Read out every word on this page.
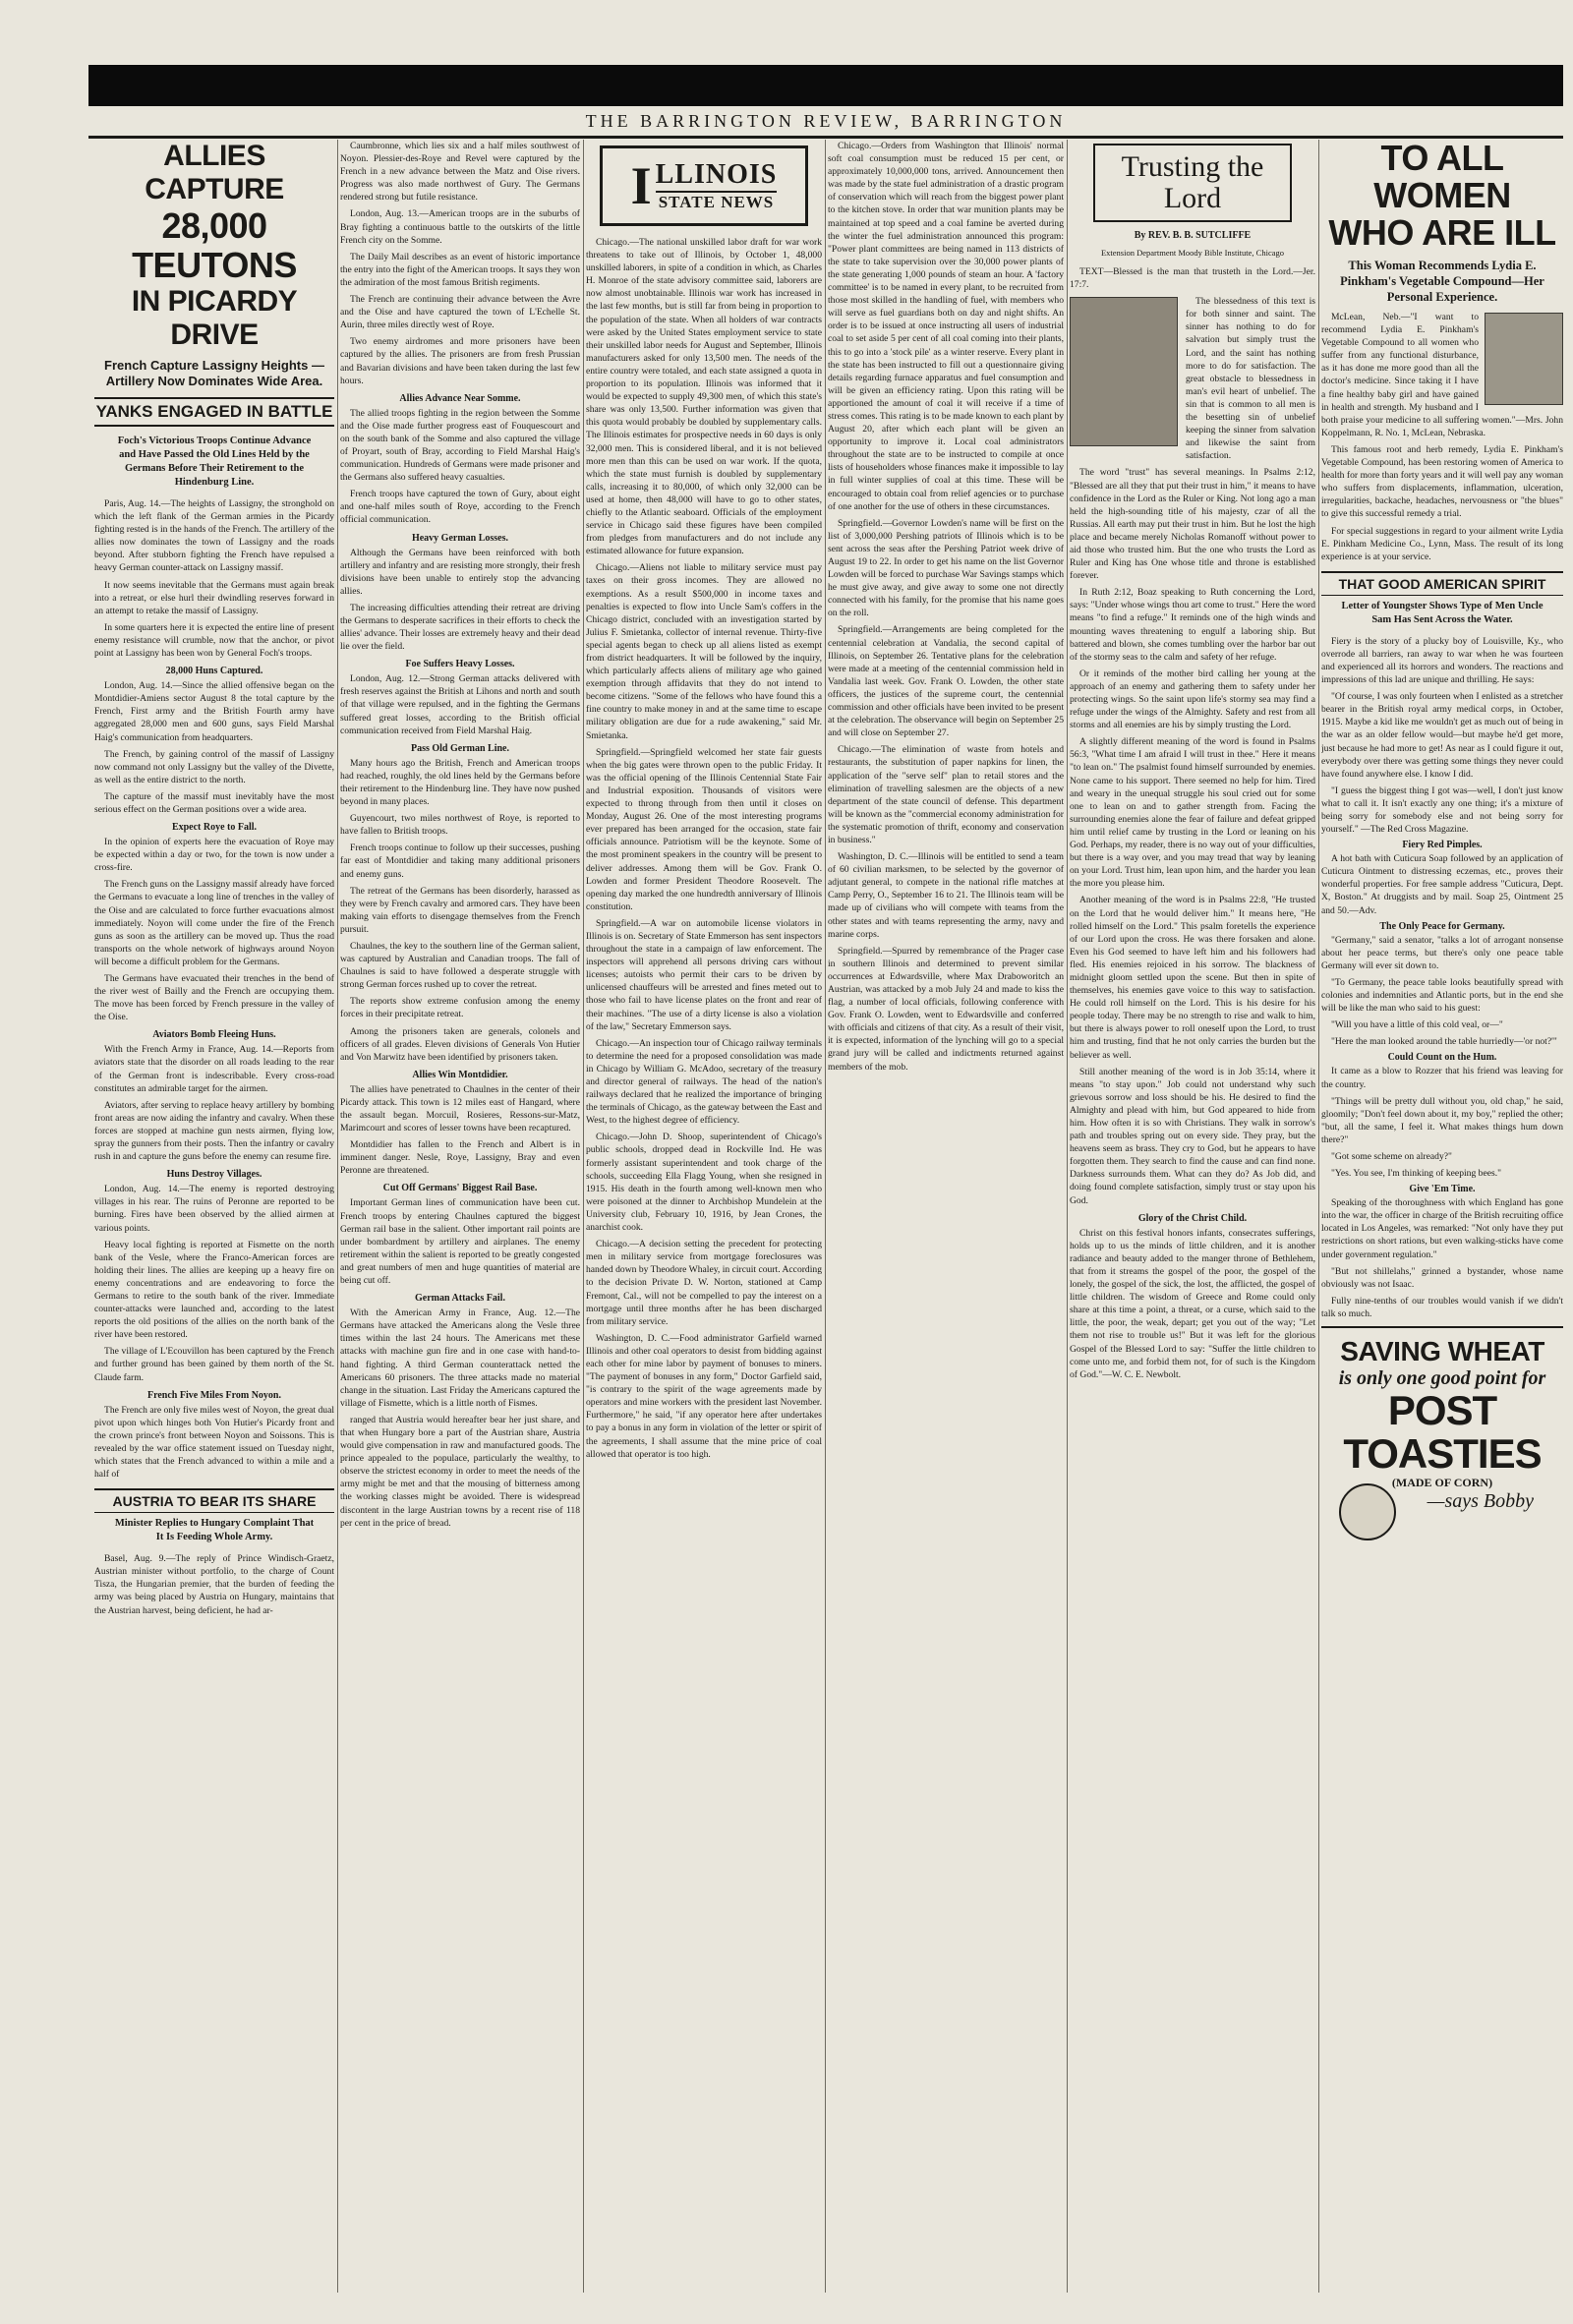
THE BARRINGTON REVIEW, BARRINGTON
ALLIES CAPTURE
28,000 TEUTONS
IN PICARDY DRIVE
French Capture Lassigny Heights —Artillery Now Dominates Wide Area.
YANKS ENGAGED IN BATTLE
Foch's Victorious Troops Continue Advance and Have Passed the Old Lines Held by the Germans Before Their Retirement to the Hindenburg Line.

Paris, Aug. 14.—The heights of Lassigny, the stronghold on which the left flank of the German armies in the Picardy fighting rested is in the hands of the French. The artillery of the allies now dominates the town of Lassigny and the roads beyond. After stubborn fighting the French have repulsed a heavy German counter-attack on Lassigny massif.

It now seems inevitable that the Germans must again break into a retreat, or else hurl their dwindling reserves forward in an attempt to retake the massif of Lassigny.

In some quarters here it is expected the entire line of present enemy resistance will crumble, now that the anchor, or pivot point at Lassigny has been won by General Foch's troops.

28,000 Huns Captured.

London, Aug. 14.—Since the allied offensive began on the Montdidier-Amiens sector August 8 the total capture by the French, First army and the British Fourth army have aggregated 28,000 men and 600 guns, says Field Marshal Haig's communication from headquarters.

The French, by gaining control of the massif of Lassigny now command not only Lassigny but the valley of the Divette, as well as the entire district to the north.

The capture of the massif must inevitably have the most serious effect on the German positions over a wide area.

Expect Roye to Fall.

In the opinion of experts here the evacuation of Roye may be expected within a day or two, for the town is now under a cross-fire.

The French guns on the Lassigny massif already have forced the Germans to evacuate a long line of trenches in the valley of the Oise and are calculated to force further evacuations almost immediately. Noyon will come under the fire of the French guns as soon as the artillery can be moved up. Thus the road transports on the whole network of highways around Noyon will become a difficult problem for the Germans.

The Germans have evacuated their trenches in the bend of the river west of Bailly and the French are occupying them. The move has been forced by French pressure in the valley of the Oise.

Aviators Bomb Fleeing Huns.

With the French Army in France, Aug. 14.—Reports from aviators state that the disorder on all roads leading to the rear of the German front is indescribable. Every cross-road constitutes an admirable target for the airmen.

Aviators, after serving to replace heavy artillery by bombing front areas are now aiding the infantry and cavalry. When these forces are stopped at machine gun nests airmen, flying low, spray the gunners from their posts. Then the infantry or cavalry rush in and capture the guns before the enemy can resume fire.

Huns Destroy Villages.

London, Aug. 14.—The enemy is reported destroying villages in his rear. The ruins of Peronne are reported to be burning. Fires have been observed by the allied airmen at various points.

Heavy local fighting is reported at Fismette on the north bank of the Vesle, where the Franco-American forces are holding their lines. The allies are keeping up a heavy fire on enemy concentrations and are endeavoring to force the Germans to retire to the south bank of the river. Immediate counter-attacks were launched and, according to the latest reports the old positions of the allies on the north bank of the river have been restored.

The village of L'Ecouvillon has been captured by the French and further ground has been gained by them north of the St. Claude farm.

French Five Miles From Noyon.

The French are only five miles west of Noyon, the great dual pivot upon which hinges both Von Hutier's Picardy front and the crown prince's front between Noyon and Soissons. This is revealed by the war office statement issued on Tuesday night, which states that the French advanced to within a mile and a half of

AUSTRIA TO BEAR ITS SHARE
Minister Replies to Hungary Complaint That It Is Feeding Whole Army.

Basel, Aug. 9.—The reply of Prince Windisch-Graetz, Austrian minister without portfolio, to the charge of Count Tisza, the Hungarian premier, that the burden of feeding the army was being placed by Austria on Hungary, maintains that the Austrian harvest, being deficient, he had ar-

Caumbronne, which lies six and a half miles southwest of Noyon. Plessier-des-Roye and Revel were captured by the French in a new advance between the Matz and Oise rivers. Progress was also made northwest of Gury. The Germans rendered strong but futile resistance.

London, Aug. 13.—American troops are in the suburbs of Bray fighting a continuous battle to the outskirts of the little French city on the Somme.

The Daily Mail describes as an event of historic importance the entry into the fight of the American troops. It says they won the admiration of the most famous British regiments.

The French are continuing their advance between the Avre and the Oise and have captured the town of L'Echelle St. Aurin, three miles directly west of Roye.

Two enemy airdromes and more prisoners have been captured by the allies. The prisoners are from fresh Prussian and Bavarian divisions and have been taken during the last few hours.

Allies Advance Near Somme.

The allied troops fighting in the region between the Somme and the Oise made further progress east of Fouquescourt and on the south bank of the Somme and also captured the village of Proyart, south of Bray, according to Field Marshal Haig's communication. Hundreds of Germans were made prisoner and the Germans also suffered heavy casualties.

French troops have captured the town of Gury, about eight and one-half miles south of Roye, according to the French official communication.

Heavy German Losses.

Although the Germans have been reinforced with both artillery and infantry and are resisting more strongly, their fresh divisions have been unable to entirely stop the advancing allies.

The increasing difficulties attending their retreat are driving the Germans to desperate sacrifices in their efforts to check the allies' advance. Their losses are extremely heavy and their dead lie over the field.

Foe Suffers Heavy Losses.

London, Aug. 12.—Strong German attacks delivered with fresh reserves against the British at Lihons and north and south of that village were repulsed, and in the fighting the Germans suffered great losses, according to the British official communication received from Field Marshal Haig.

Pass Old German Line.

Many hours ago the British, French and American troops had reached, roughly, the old lines held by the Germans before their retirement to the Hindenburg line. They have now pushed beyond in many places.

Guyencourt, two miles northwest of Roye, is reported to have fallen to British troops.

French troops continue to follow up their successes, pushing far east of Montdidier and taking many additional prisoners and enemy guns.

The retreat of the Germans has been disorderly, harassed as they were by French cavalry and armored cars. They have been making vain efforts to disengage themselves from the French pursuit.

Chaulnes, the key to the southern line of the German salient, was captured by Australian and Canadian troops. The fall of Chaulnes is said to have followed a desperate struggle with strong German forces rushed up to cover the retreat.

The reports show extreme confusion among the enemy forces in their precipitate retreat.

Among the prisoners taken are generals, colonels and officers of all grades. Eleven divisions of Generals Von Hutier and Von Marwitz have been identified by prisoners taken.

Allies Win Montdidier.

The allies have penetrated to Chaulnes in the center of their Picardy attack. This town is 12 miles east of Hangard, where the assault began. Morcuil, Rosieres, Ressons-sur-Matz, Marimcourt and scores of lesser towns have been recaptured.

Montdidier has fallen to the French and Albert is in imminent danger. Nesle, Roye, Lassigny, Bray and even Peronne are threatened.

Cut Off Germans' Biggest Rail Base.

Important German lines of communication have been cut. French troops by entering Chaulnes captured the biggest German rail base in the salient. Other important rail points are under bombardment by artillery and airplanes. The enemy retirement within the salient is reported to be greatly congested and great numbers of men and huge quantities of material are being cut off.

German Attacks Fail.

With the American Army in France, Aug. 12.—The Germans have attacked the Americans along the Vesle three times within the last 24 hours. The Americans met these attacks with machine gun fire and in one case with hand-to-hand fighting. A third German counterattack netted the Americans 60 prisoners. The three attacks made no material change in the situation. Last Friday the Americans captured the village of Fismette, which is a little north of Fismes.

ranged that Austria would hereafter bear her just share, and that when Hungary bore a part of the Austrian share, Austria would give compensation in raw and manufactured goods. The prince appealed to the populace, particularly the wealthy, to observe the strictest economy in order to meet the needs of the army might be met and that the mousing of bitterness among the working classes might be avoided. There is widespread discontent in the large Austrian towns by a recent rise of 118 per cent in the price of bread.

I LLINOIS
STATE NEWS

Chicago.—The national unskilled labor draft for war work threatens to take out of Illinois, by October 1, 48,000 unskilled laborers, in spite of a condition in which, as Charles H. Monroe of the state advisory committee said, laborers are now almost unobtainable. Illinois war work has increased in the last few months, but is still far from being in proportion to the population of the state. When all holders of war contracts were asked by the United States employment service to state their unskilled labor needs for August and September, Illinois manufacturers asked for only 13,500 men. The needs of the entire country were totaled, and each state assigned a quota in proportion to its population. Illinois was informed that it would be expected to supply 49,300 men, of which this state's share was only 13,500. Further information was given that this quota would probably be doubled by supplementary calls. The Illinois estimates for prospective needs in 60 days is only 32,000 men. This is considered liberal, and it is not believed more men than this can be used on war work. If the quota, which the state must furnish is doubled by supplementary calls, increasing it to 80,000, of which only 32,000 can be used at home, then 48,000 will have to go to other states, chiefly to the Atlantic seaboard. Officials of the employment service in Chicago said these figures have been compiled from pledges from manufacturers and do not include any estimated allowance for future expansion.

Chicago.—Aliens not liable to military service must pay taxes on their gross incomes. They are allowed no exemptions. As a result $500,000 in income taxes and penalties is expected to flow into Uncle Sam's coffers in the Chicago district, concluded with an investigation started by Julius F. Smietanka, collector of internal revenue. Thirty-five special agents began to check up all aliens listed as exempt from district headquarters. It will be followed by the inquiry, which particularly affects aliens of military age who gained exemption through affidavits that they do not intend to become citizens. "Some of the fellows who have found this a fine country to make money in and at the same time to escape military obligation are due for a rude awakening," said Mr. Smietanka.

Springfield.—Springfield welcomed her state fair guests when the big gates were thrown open to the public Friday. It was the official opening of the Illinois Centennial State Fair and Industrial exposition. Thousands of visitors were expected to throng through from then until it closes on Monday, August 26. One of the most interesting programs ever prepared has been arranged for the occasion, state fair officials announce. Patriotism will be the keynote. Some of the most prominent speakers in the country will be present to deliver addresses. Among them will be Gov. Frank O. Lowden and former President Theodore Roosevelt. The opening day marked the one hundredth anniversary of Illinois constitution.

Springfield.—A war on automobile license violators in Illinois is on. Secretary of State Emmerson has sent inspectors throughout the state in a campaign of law enforcement. The inspectors will apprehend all persons driving cars without licenses; autoists who permit their cars to be driven by unlicensed chauffeurs will be arrested and fines meted out to those who fail to have license plates on the front and rear of their machines. "The use of a dirty license is also a violation of the law," Secretary Emmerson says.

Chicago.—An inspection tour of Chicago railway terminals to determine the need for a proposed consolidation was made in Chicago by William G. McAdoo, secretary of the treasury and director general of railways. The head of the nation's railways declared that he realized the importance of bringing the terminals of Chicago, as the gateway between the East and West, to the highest degree of efficiency.

Chicago.—John D. Shoop, superintendent of Chicago's public schools, dropped dead in Rockville Ind. He was formerly assistant superintendent and took charge of the schools, succeeding Ella Flagg Young, when she resigned in 1915. His death in the fourth among well-known men who were poisoned at the dinner to Archbishop Mundelein at the University club, February 10, 1916, by Jean Crones, the anarchist cook.

Chicago.—A decision setting the precedent for protecting men in military service from mortgage foreclosures was handed down by Theodore Whaley, in circuit court. According to the decision Private D. W. Norton, stationed at Camp Fremont, Cal., will not be compelled to pay the interest on a mortgage until three months after he has been discharged from military service.

Washington, D. C.—Food administrator Garfield warned Illinois and other coal operators to desist from bidding against each other for mine labor by payment of bonuses to miners. "The payment of bonuses in any form," Doctor Garfield said, "is contrary to the spirit of the wage agreements made by operators and mine workers with the president last November. Furthermore," he said, "if any operator here after undertakes to pay a bonus in any form in violation of the letter or spirit of the agreements, I shall assume that the mine price of coal allowed that operator is too high.

Chicago.—Orders from Washington that Illinois' normal soft coal consumption must be reduced 15 per cent, or approximately 10,000,000 tons, arrived. Announcement then was made by the state fuel administration of a drastic program of conservation which will reach from the biggest power plant to the kitchen stove. In order that war munition plants may be maintained at top speed and a coal famine be averted during the winter the fuel administration announced this program: "Power plant committees are being named in 113 districts of the state to take supervision over the 30,000 power plants of the state generating 1,000 pounds of steam an hour. A 'factory committee' is to be named in every plant, to be recruited from those most skilled in the handling of fuel, with members who will serve as fuel guardians both on day and night shifts. An order is to be issued at once instructing all users of industrial coal to set aside 5 per cent of all coal coming into their plants, this to go into a 'stock pile' as a winter reserve. Every plant in the state has been instructed to fill out a questionnaire giving details regarding furnace apparatus and fuel consumption and will be given an efficiency rating. Upon this rating will be apportioned the amount of coal it will receive if a time of stress comes. This rating is to be made known to each plant by August 20, after which each plant will be given an opportunity to improve it. Local coal administrators throughout the state are to be instructed to compile at once lists of householders whose finances make it impossible to lay in full winter supplies of coal at this time. These will be encouraged to obtain coal from relief agencies or to purchase of one another for the use of others in these circumstances.

Springfield.—Governor Lowden's name will be first on the list of 3,000,000 Pershing patriots of Illinois which is to be sent across the seas after the Pershing Patriot week drive of August 19 to 22. In order to get his name on the list Governor Lowden will be forced to purchase War Savings stamps which he must give away, and give away to some one not directly connected with his family, for the promise that his name goes on the roll.

Springfield.—Arrangements are being completed for the centennial celebration at Vandalia, the second capital of Illinois, on September 26. Tentative plans for the celebration were made at a meeting of the centennial commission held in Vandalia last week. Gov. Frank O. Lowden, the other state officers, the justices of the supreme court, the centennial commission and other officials have been invited to be present at the celebration. The observance will begin on September 25 and will close on September 27.

Chicago.—The elimination of waste from hotels and restaurants, the substitution of paper napkins for linen, the application of the "serve self" plan to retail stores and the elimination of travelling salesmen are the objects of a new department of the state council of defense. This department will be known as the "commercial economy administration for the systematic promotion of thrift, economy and conservation in business."

Washington, D. C.—Illinois will be entitled to send a team of 60 civilian marksmen, to be selected by the governor of adjutant general, to compete in the national rifle matches at Camp Perry, O., September 16 to 21. The Illinois team will be made up of civilians who will compete with teams from the other states and with teams representing the army, navy and marine corps.

Springfield.—Spurred by remembrance of the Prager case in southern Illinois and determined to prevent similar occurrences at Edwardsville, where Max Draboworitch an Austrian, was attacked by a mob July 24 and made to kiss the flag, a number of local officials, following conference with Gov. Frank O. Lowden, went to Edwardsville and conferred with officials and citizens of that city. As a result of their visit, it is expected, information of the lynching will go to a special grand jury will be called and indictments returned against members of the mob.

Trusting the Lord
By REV. B. B. SUTCLIFFE
Extension Department Moody Bible Institute, Chicago

TEXT—Blessed is the man that trusteth in the Lord.—Jer. 17:7.

The blessedness of this text is for both sinner and saint. The sinner has nothing to do for salvation but simply trust the Lord, and the saint has nothing more to do for satisfaction. The great obstacle to blessedness in man's evil heart of unbelief. The sin that is common to all men is the besetting sin of unbelief keeping the sinner from salvation and likewise the saint from satisfaction.

The word "trust" has several meanings. In Psalms 2:12, "Blessed are all they that put their trust in him," it means to have confidence in the Lord as the Ruler or King. Not long ago a man held the high-sounding title of his majesty, czar of all the Russias. All earth may put their trust in him. But he lost the high place and became merely Nicholas Romanoff without power to aid those who trusted him. But the one who trusts the Lord as Ruler and King has One whose title and throne is established forever.

In Ruth 2:12, Boaz speaking to Ruth concerning the Lord, says: "Under whose wings thou art come to trust." Here the word means "to find a refuge." It reminds one of the high winds and mounting waves threatening to engulf a laboring ship. But battered and blown, she comes tumbling over the harbor bar out of the stormy seas to the calm and safety of her refuge.

Or it reminds of the mother bird calling her young at the approach of an enemy and gathering them to safety under her protecting wings. So the saint upon life's stormy sea may find a refuge under the wings of the Almighty. Safety and rest from all storms and all enemies are his by simply trusting the Lord.

A slightly different meaning of the word is found in Psalms 56:3, "What time I am afraid I will trust in thee." Here it means "to lean on." The psalmist found himself surrounded by enemies. None came to his support. There seemed no help for him. Tired and weary in the unequal struggle his soul cried out for some one to lean on and to gather strength from. Facing the surrounding enemies alone the fear of failure and defeat gripped him until relief came by trusting in the Lord or leaning on his God. Perhaps, my reader, there is no way out of your difficulties, but there is a way over, and you may tread that way by leaning on your Lord. Trust him, lean upon him, and the harder you lean the more you please him.

Another meaning of the word is in Psalms 22:8, "He trusted on the Lord that he would deliver him." It means here, "He rolled himself on the Lord." This psalm foretells the experience of our Lord upon the cross. He was there forsaken and alone. Even his God seemed to have left him and his followers had fled. His enemies rejoiced in his sorrow. The blackness of midnight gloom settled upon the scene. But then in spite of themselves, his enemies gave voice to this way to satisfaction. He could roll himself on the Lord. This is his desire for his people today. There may be no strength to rise and walk to him, but there is always power to roll oneself upon the Lord, to trust him and trusting, find that he not only carries the burden but the believer as well.

Still another meaning of the word is in Job 35:14, where it means "to stay upon." Job could not understand why such grievous sorrow and loss should be his. He desired to find the Almighty and plead with him, but God appeared to hide from him. How often it is so with Christians. They walk in sorrow's path and troubles spring out on every side. They pray, but the heavens seem as brass. They cry to God, but he appears to have forgotten them. They search to find the cause and can find none. Darkness surrounds them. What can they do? As Job did, and doing found complete satisfaction, simply trust or stay upon his God.

Glory of the Christ Child.

Christ on this festival honors infants, consecrates sufferings, holds up to us the minds of little children, and it is another radiance and beauty added to the manger throne of Bethlehem, that from it streams the gospel of the poor, the gospel of the lonely, the gospel of the sick, the lost, the afflicted, the gospel of little children. The wisdom of Greece and Rome could only share at this time a point, a threat, or a curse, which said to the little, the poor, the weak, depart; get you out of the way; "Let them not rise to trouble us!" But it was left for the glorious Gospel of the Blessed Lord to say: "Suffer the little children to come unto me, and forbid them not, for of such is the Kingdom of God."—W. C. E. Newbolt.

TO ALL WOMEN
WHO ARE ILL
This Woman Recommends Lydia E. Pinkham's Vegetable Compound—Her Personal Experience.

McLean, Neb.—"I want to recommend Lydia E. Pinkham's Vegetable Compound to all women who suffer from any functional disturbance, as it has done me more good than all the doctor's medicine. Since taking it I have a fine healthy baby girl and have gained in health and strength. My husband and I both praise your medicine to all suffering women."—Mrs. John Koppelmann, R. No. 1, McLean, Nebraska.

This famous root and herb remedy, Lydia E. Pinkham's Vegetable Compound, has been restoring women of America to health for more than forty years and it will well pay any woman who suffers from displacements, inflammation, ulceration, irregularities, backache, headaches, nervousness or "the blues" to give this successful remedy a trial.

For special suggestions in regard to your ailment write Lydia E. Pinkham Medicine Co., Lynn, Mass. The result of its long experience is at your service.

THAT GOOD AMERICAN SPIRIT
Letter of Youngster Shows Type of Men Uncle Sam Has Sent Across the Water.

Fiery is the story of a plucky boy of Louisville, Ky., who overrode all barriers, ran away to war when he was fourteen and experienced all its horrors and wonders. The reactions and impressions of this lad are unique and thrilling. He says:

"Of course, I was only fourteen when I enlisted as a stretcher bearer in the British royal army medical corps, in October, 1915. Maybe a kid like me wouldn't get as much out of being in the war as an older fellow would—but maybe he'd get more, just because he had more to get! As near as I could figure it out, everybody over there was getting some things they never could have found anywhere else. I know I did.

"I guess the biggest thing I got was—well, I don't just know what to call it. It isn't exactly any one thing; it's a mixture of being sorry for somebody else and not being sorry for yourself." —The Red Cross Magazine.

Fiery Red Pimples.

A hot bath with Cuticura Soap followed by an application of Cuticura Ointment to distressing eczemas, etc., proves their wonderful properties. For free sample address "Cuticura, Dept. X, Boston." At druggists and by mail. Soap 25, Ointment 25 and 50.—Adv.

The Only Peace for Germany.

"Germany," said a senator, "talks a lot of arrogant nonsense about her peace terms, but there's only one peace table Germany will ever sit down to.

"To Germany, the peace table looks beautifully spread with colonies and indemnities and Atlantic ports, but in the end she will be like the man who said to his guest:

"Will you have a little of this cold veal, or—"

"Here the man looked around the table hurriedly—'or not?'"

Could Count on the Hum.

It came as a blow to Rozzer that his friend was leaving for the country.

"Things will be pretty dull without you, old chap," he said, gloomily; "Don't feel down about it, my boy," replied the other; "but, all the same, I feel it. What makes things hum down there?"

"Got some scheme on already?"

"Yes. You see, I'm thinking of keeping bees."

Give 'Em Time.

Speaking of the thoroughness with which England has gone into the war, the officer in charge of the British recruiting office located in Los Angeles, was remarked: "Not only have they put restrictions on short rations, but even walking-sticks have come under government regulation."

"But not shillelahs," grinned a bystander, whose name obviously was not Isaac.

Fully nine-tenths of our troubles would vanish if we didn't talk so much.

SAVING WHEAT
is only one good point for
POST TOASTIES
(MADE OF CORN)
—says Bobby
